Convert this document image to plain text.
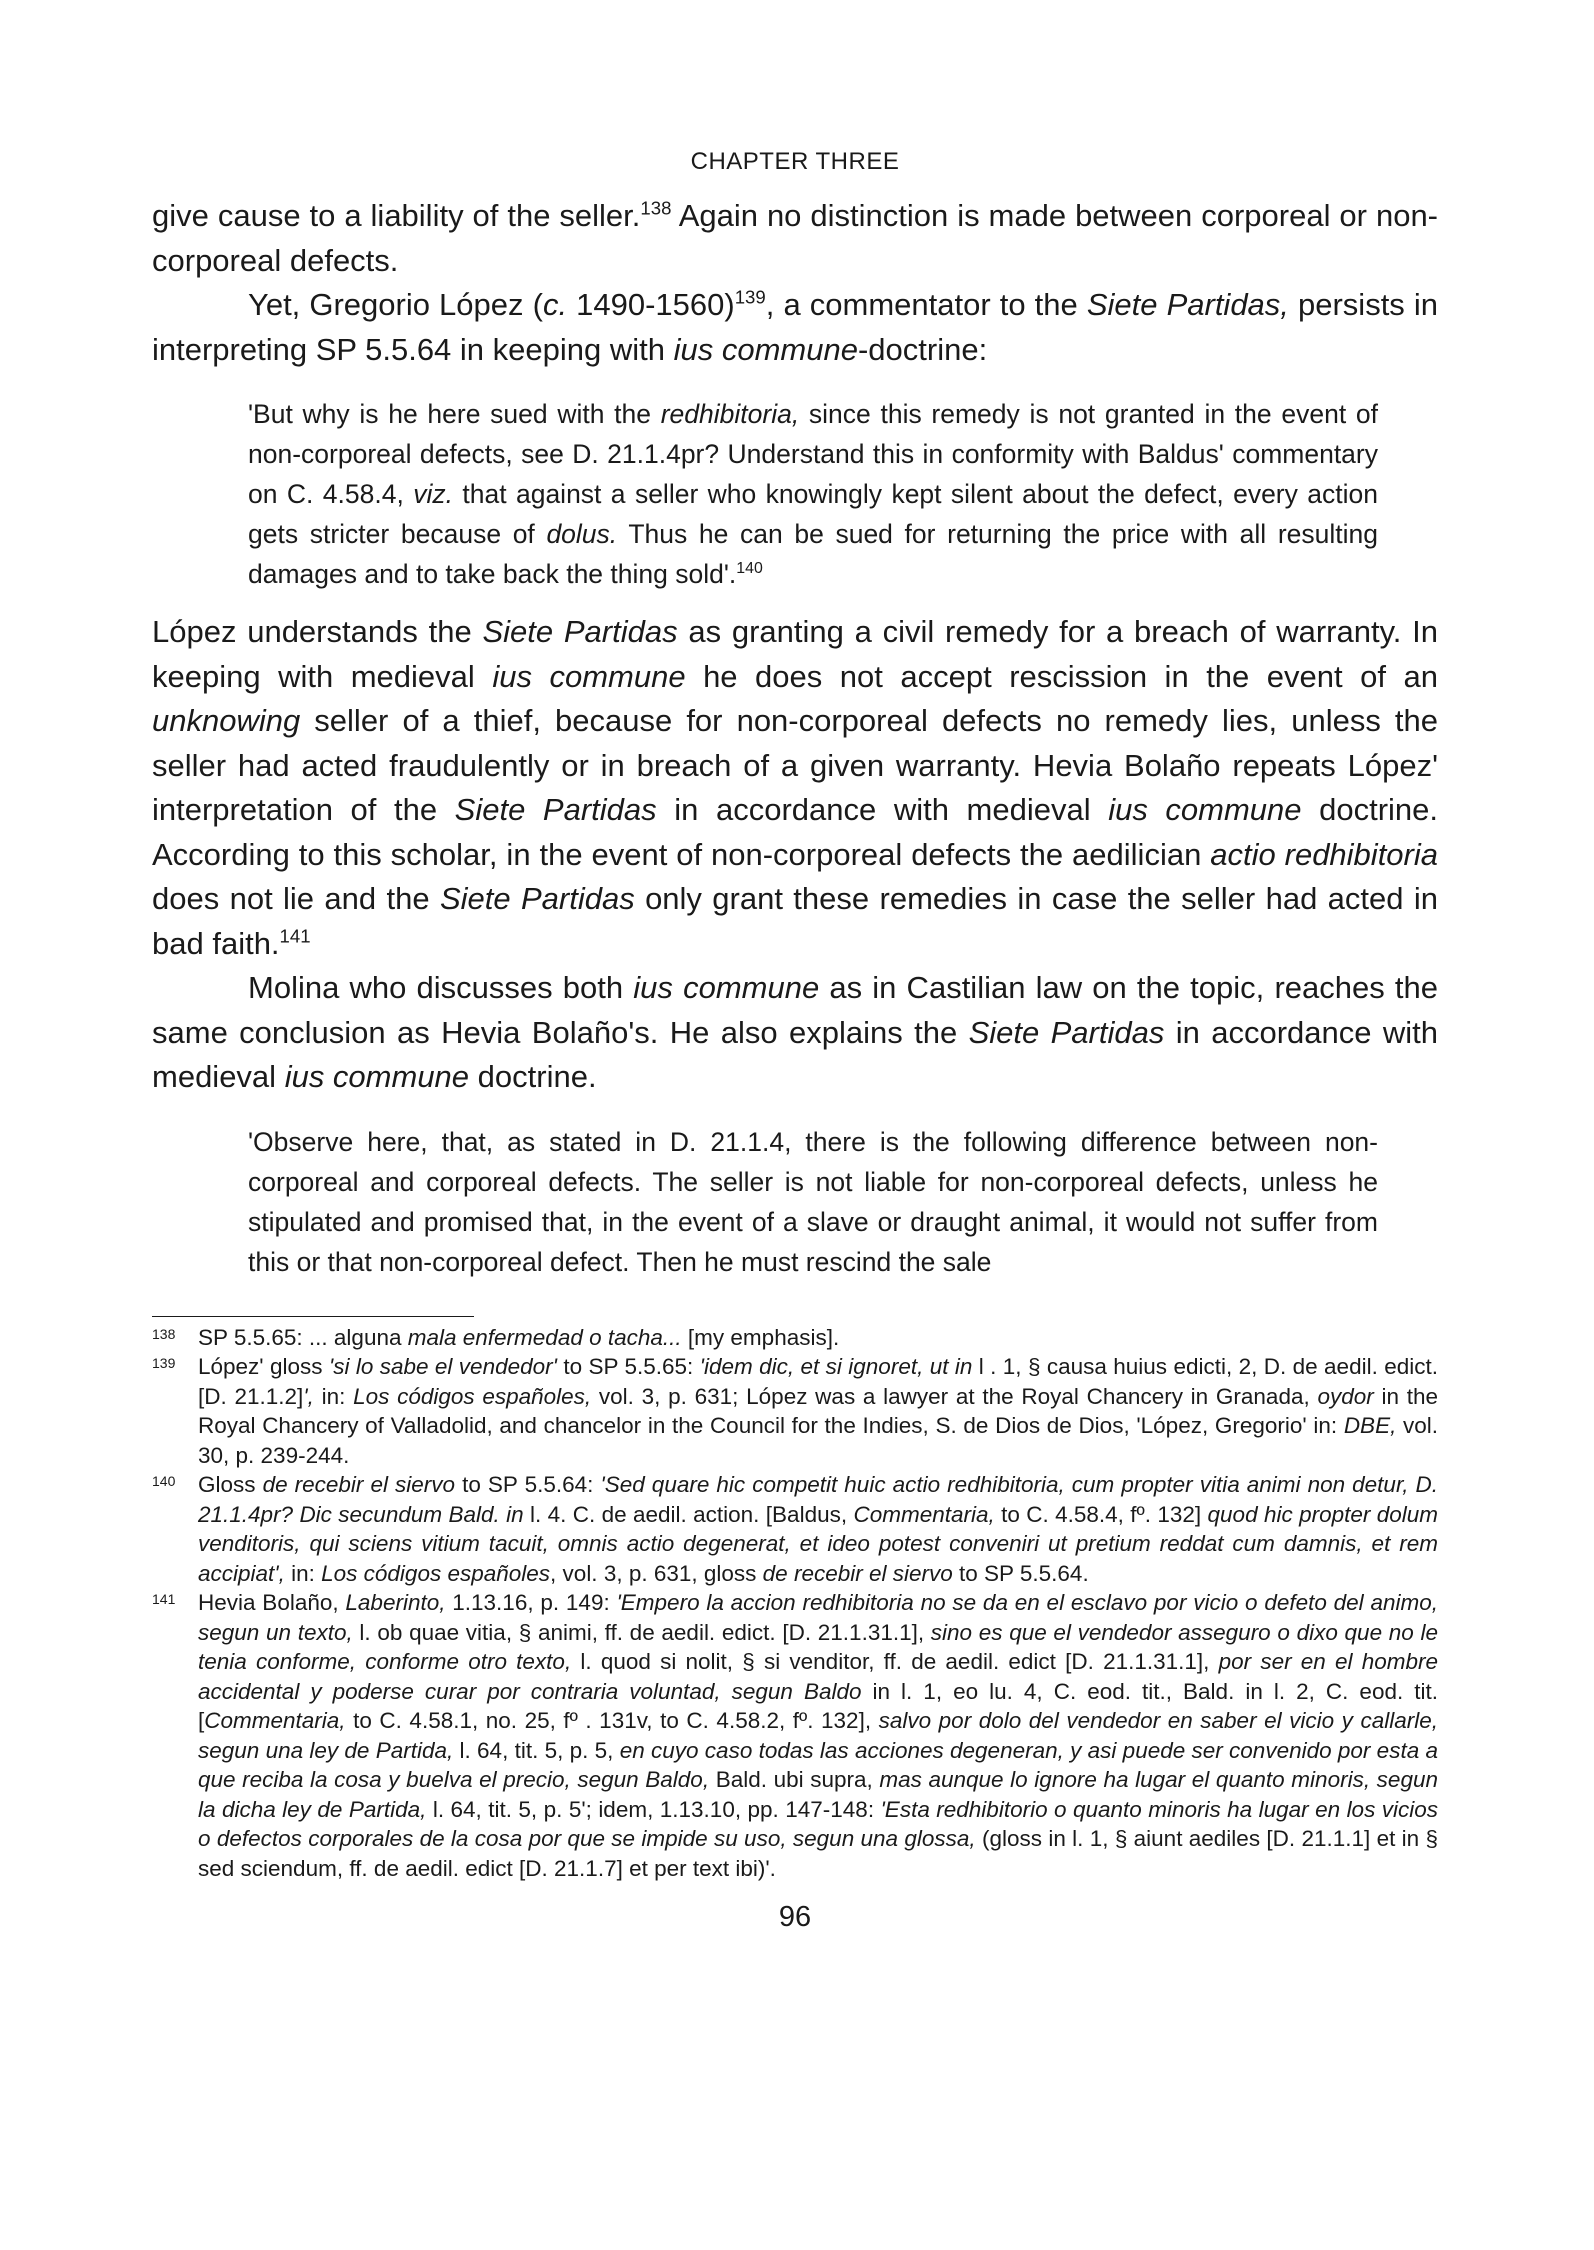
CHAPTER THREE

give cause to a liability of the seller.$^{138}$ Again no distinction is made between corporeal or non-corporeal defects.

Yet, Gregorio López (c. 1490-1560)$^{139}$, a commentator to the Siete Partidas, persists in interpreting SP 5.5.64 in keeping with ius commune-doctrine:

'But why is he here sued with the redhibitoria, since this remedy is not granted in the event of non-corporeal defects, see D. 21.1.4pr? Understand this in conformity with Baldus' commentary on C. 4.58.4, viz. that against a seller who knowingly kept silent about the defect, every action gets stricter because of dolus. Thus he can be sued for returning the price with all resulting damages and to take back the thing sold'.$^{140}$

López understands the Siete Partidas as granting a civil remedy for a breach of warranty. In keeping with medieval ius commune he does not accept rescission in the event of an unknowing seller of a thief, because for non-corporeal defects no remedy lies, unless the seller had acted fraudulently or in breach of a given warranty. Hevia Bolaño repeats López' interpretation of the Siete Partidas in accordance with medieval ius commune doctrine. According to this scholar, in the event of non-corporeal defects the aedilician actio redhibitoria does not lie and the Siete Partidas only grant these remedies in case the seller had acted in bad faith.$^{141}$

Molina who discusses both ius commune as in Castilian law on the topic, reaches the same conclusion as Hevia Bolaño's. He also explains the Siete Partidas in accordance with medieval ius commune doctrine.

'Observe here, that, as stated in D. 21.1.4, there is the following difference between non-corporeal and corporeal defects. The seller is not liable for non-corporeal defects, unless he stipulated and promised that, in the event of a slave or draught animal, it would not suffer from this or that non-corporeal defect. Then he must rescind the sale

138	SP 5.5.65: ... alguna mala enfermedad o tacha... [my emphasis].
139	López' gloss 'si lo sabe el vendedor' to SP 5.5.65: 'idem dic, et si ignoret, ut in l . 1, § causa huius edicti, 2, D. de aedil. edict. [D. 21.1.2]', in: Los códigos españoles, vol. 3, p. 631; López was a lawyer at the Royal Chancery in Granada, oydor in the Royal Chancery of Valladolid, and chancelor in the Council for the Indies, S. de Dios de Dios, 'López, Gregorio' in: DBE, vol. 30, p. 239-244.
140	Gloss de recebir el siervo to SP 5.5.64: 'Sed quare hic competit huic actio redhibitoria, cum propter vitia animi non detur, D. 21.1.4pr? Dic secundum Bald. in l. 4. C. de aedil. action. [Baldus, Commentaria, to C. 4.58.4, fº. 132] quod hic propter dolum venditoris, qui sciens vitium tacuit, omnis actio degenerat, et ideo potest conveniri ut pretium reddat cum damnis, et rem accipiat', in: Los códigos españoles, vol. 3, p. 631, gloss de recebir el siervo to SP 5.5.64.
141	Hevia Bolaño, Laberinto, 1.13.16, p. 149: 'Empero la accion redhibitoria no se da en el esclavo por vicio o defeto del animo, segun un texto, l. ob quae vitia, § animi, ff. de aedil. edict. [D. 21.1.31.1], sino es que el vendedor asseguro o dixo que no le tenia conforme, conforme otro texto, l. quod si nolit, § si venditor, ff. de aedil. edict [D. 21.1.31.1], por ser en el hombre accidental y poderse curar por contraria voluntad, segun Baldo in l. 1, eo lu. 4, C. eod. tit., Bald. in l. 2, C. eod. tit. [Commentaria, to C. 4.58.1, no. 25, fº . 131v, to C. 4.58.2, fº. 132], salvo por dolo del vendedor en saber el vicio y callarle, segun una ley de Partida, l. 64, tit. 5, p. 5, en cuyo caso todas las acciones degeneran, y asi puede ser convenido por esta a que reciba la cosa y buelva el precio, segun Baldo, Bald. ubi supra, mas aunque lo ignore ha lugar el quanto minoris, segun la dicha ley de Partida, l. 64, tit. 5, p. 5'; idem, 1.13.10, pp. 147-148: 'Esta redhibitorio o quanto minoris ha lugar en los vicios o defectos corporales de la cosa por que se impide su uso, segun una glossa, (gloss in l. 1, § aiunt aediles [D. 21.1.1] et in § sed sciendum, ff. de aedil. edict [D. 21.1.7] et per text ibi)'.
96
